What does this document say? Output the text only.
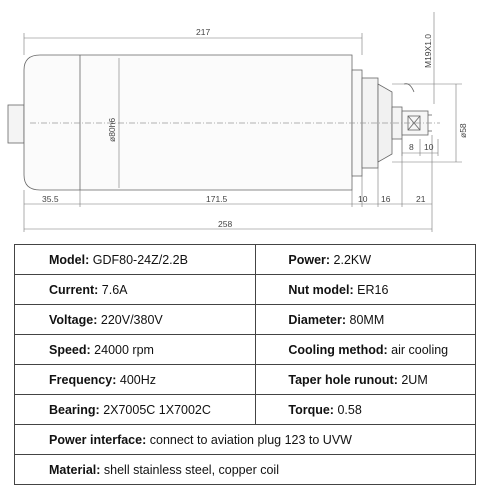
217
M19X1.0
ø80h6	ø58
8 10
35.5	171.5	10 16	21
258
Model: GDF80-24Z/2.2B	Power: 2.2KW
Current: 7.6A	Nut model: ER16
Voltage: 220V/380V	Diameter: 80MM
Speed: 24000 rpm	Cooling method: air cooling
Frequency: 400Hz	Taper hole runout: 2UM
Bearing: 2X7005C 1X7002C	Torque: 0.58
Power interface: connect to aviation plug 123 to UVW	
Material: shell stainless steel, copper coil	
